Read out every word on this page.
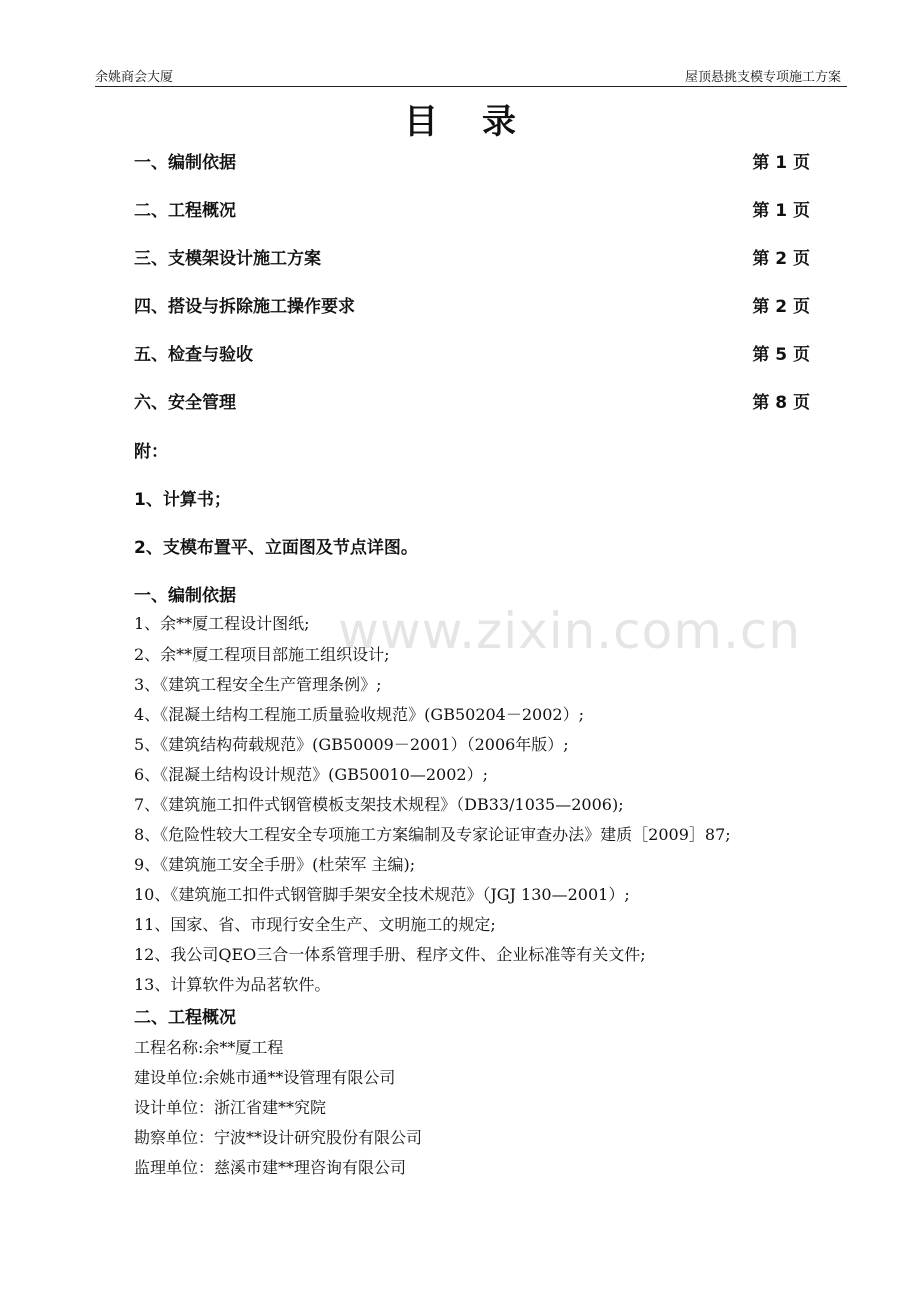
余姚商会大厦	屋顶悬挑支模专项施工方案
目录
一、编制依据	第 1 页
二、工程概况	第 1 页
三、支模架设计施工方案	第 2 页
四、搭设与拆除施工操作要求	第 2 页
五、检查与验收	第 5 页
六、安全管理	第 8 页
附：
1、计算书；
2、支模布置平、立面图及节点详图。
一、编制依据
1、余**厦工程设计图纸;
2、余**厦工程项目部施工组织设计;
3、《建筑工程安全生产管理条例》;
4、《混凝土结构工程施工质量验收规范》(GB50204－2002）;
5、《建筑结构荷载规范》(GB50009－2001）（2006年版）;
6、《混凝土结构设计规范》(GB50010—2002）;
7、《建筑施工扣件式钢管模板支架技术规程》（DB33/1035—2006);
8、《危险性较大工程安全专项施工方案编制及专家论证审查办法》建质［2009］87;
9、《建筑施工安全手册》(杜荣军 主编);
10、《建筑施工扣件式钢管脚手架安全技术规范》（JGJ 130—2001）;
11、国家、省、市现行安全生产、文明施工的规定;
12、我公司QEO三合一体系管理手册、程序文件、企业标准等有关文件;
13、计算软件为品茗软件。
二、工程概况
工程名称:余**厦工程
建设单位:余姚市通**设管理有限公司
设计单位：浙江省建**究院
勘察单位：宁波**设计研究股份有限公司
监理单位：慈溪市建**理咨询有限公司
www.zixin.com.cn
